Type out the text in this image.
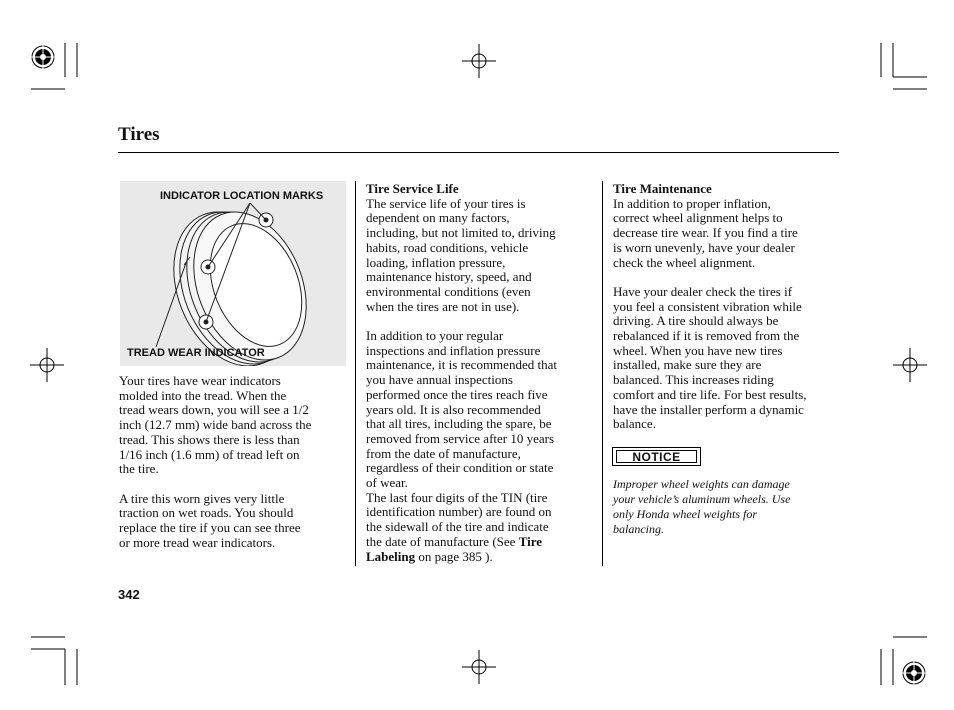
Tires
INDICATOR LOCATION MARKS
TREAD WEAR INDICATOR

Your tires have wear indicators

molded into the tread. When the

tread wears down, you will see a 1/2

inch (12.7 mm) wide band across the

tread. This shows there is less than

1/16 inch (1.6 mm) of tread left on

the tire.

A tire this worn gives very little

traction on wet roads. You should

replace the tire if you can see three

or more tread wear indicators.

Tire Service Life

The service life of your tires is

dependent on many factors,

including, but not limited to, driving

habits, road conditions, vehicle

loading, inflation pressure,

maintenance history, speed, and

environmental conditions (even

when the tires are not in use).

In addition to your regular

inspections and inflation pressure

maintenance, it is recommended that

you have annual inspections

performed once the tires reach five

years old. It is also recommended

that all tires, including the spare, be

removed from service after 10 years

from the date of manufacture,

regardless of their condition or state

of wear.

The last four digits of the TIN (tire

identification number) are found on

the sidewall of the tire and indicate

the date of manufacture (See Tire

Labeling on page 385 ).

Tire Maintenance

In addition to proper inflation,

correct wheel alignment helps to

decrease tire wear. If you find a tire

is worn unevenly, have your dealer

check the wheel alignment.

Have your dealer check the tires if

you feel a consistent vibration while

driving. A tire should always be

rebalanced if it is removed from the

wheel. When you have new tires

installed, make sure they are

balanced. This increases riding

comfort and tire life. For best results,

have the installer perform a dynamic

balance.

NOTICE

Improper wheel weights can damage

your vehicle’s aluminum wheels. Use

only Honda wheel weights for

balancing.

342
